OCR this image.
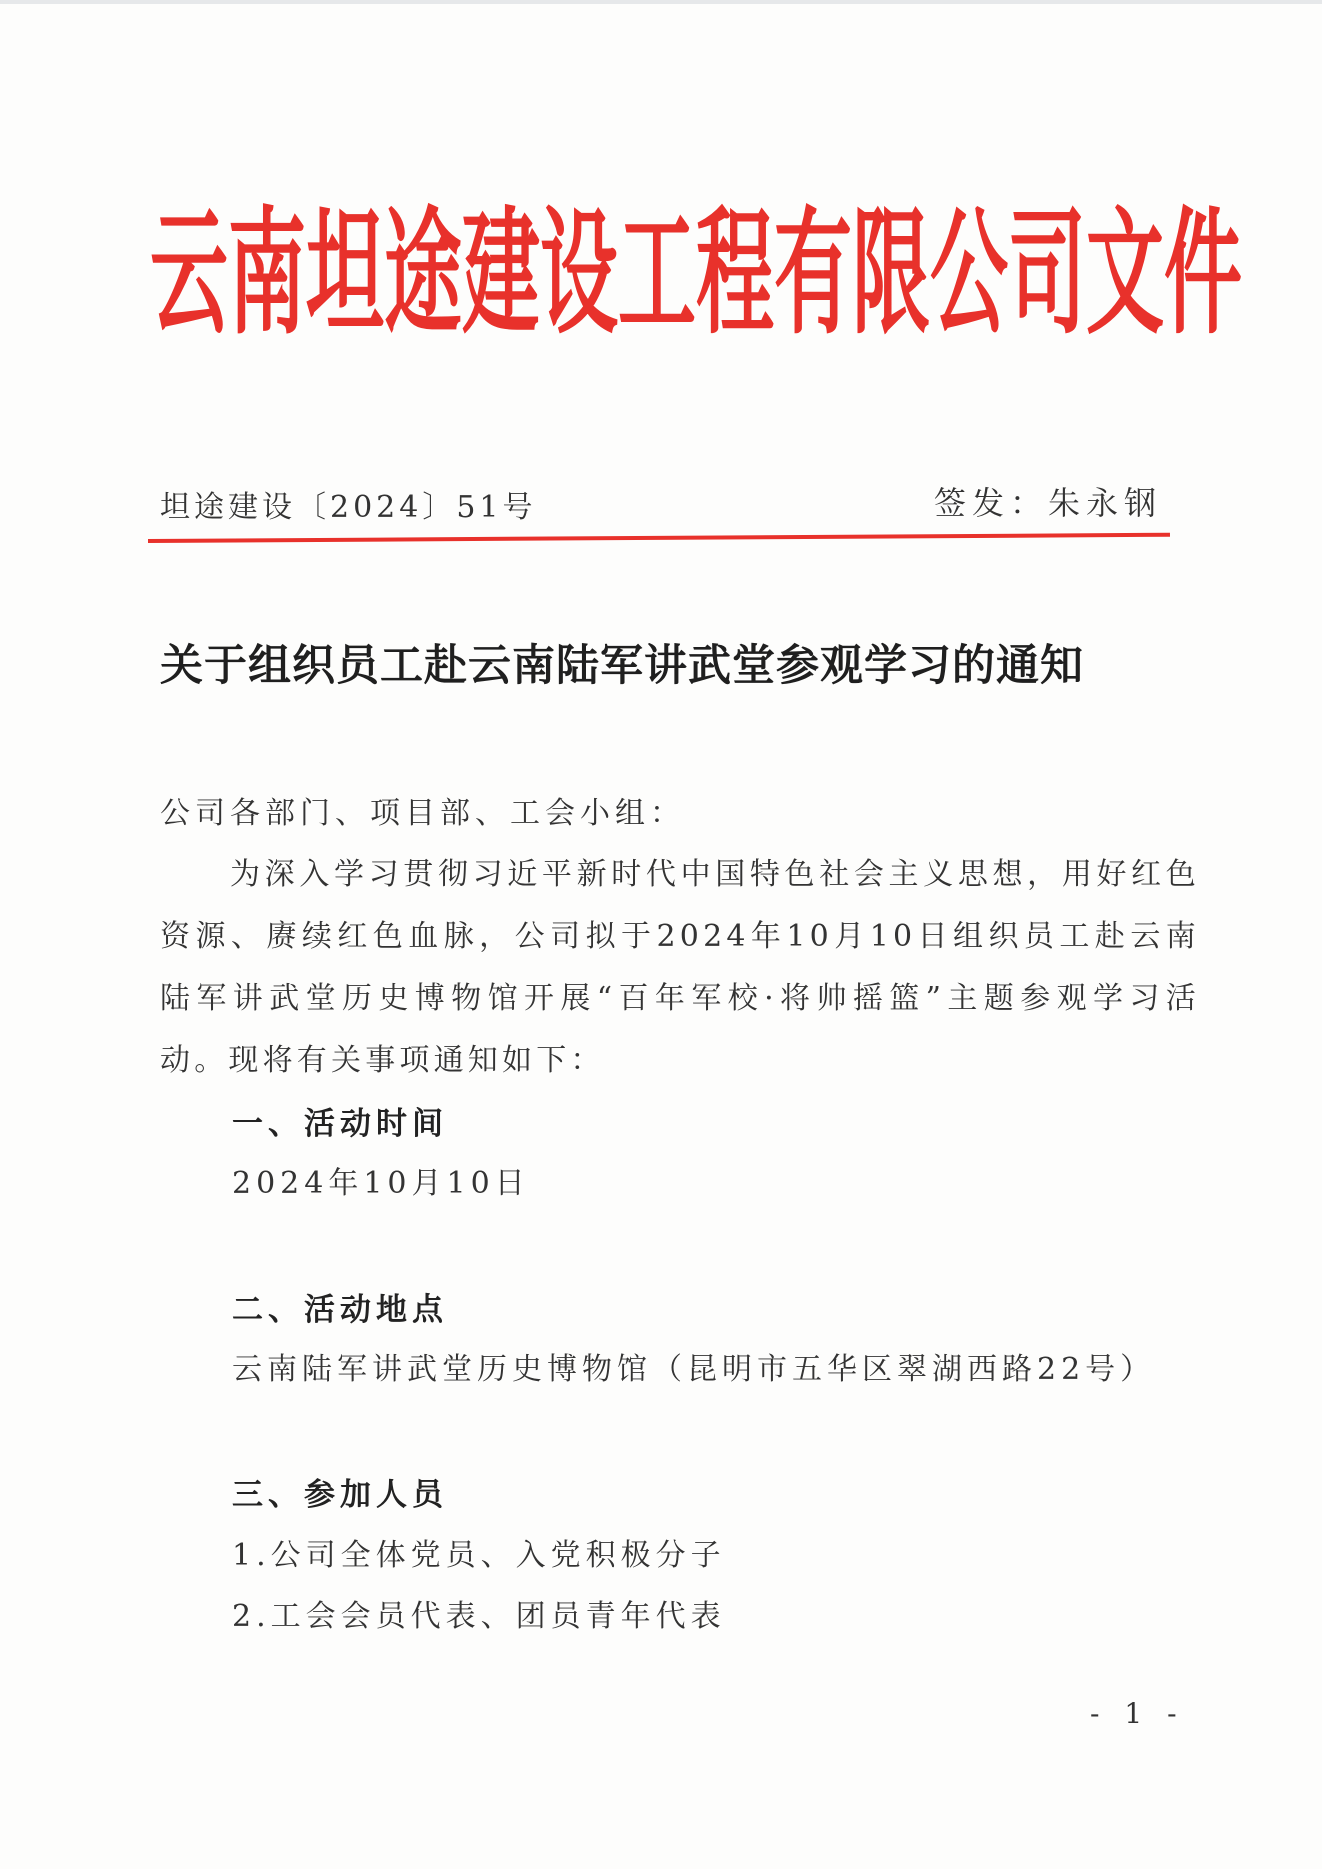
云南坦途建设工程有限公司文件
坦途建设〔2024〕51号	签发：朱永钢
关于组织员工赴云南陆军讲武堂参观学习的通知
公司各部门、项目部、工会小组：
为深入学习贯彻习近平新时代中国特色社会主义思想，用好红色资源、赓续红色血脉，公司拟于2024年10月10日组织员工赴云南陆军讲武堂历史博物馆开展“百年军校·将帅摇篮”主题参观学习活动。现将有关事项通知如下：
一、活动时间
2024年10月10日
二、活动地点
云南陆军讲武堂历史博物馆（昆明市五华区翠湖西路22号）
三、参加人员
1.公司全体党员、入党积极分子
2.工会会员代表、团员青年代表
- 1 -
